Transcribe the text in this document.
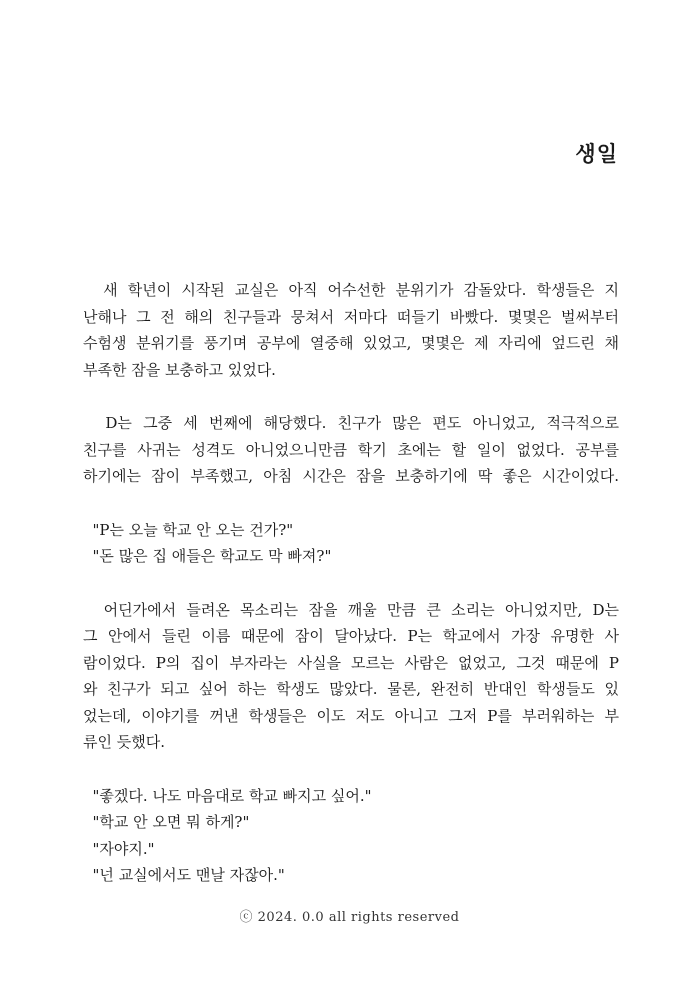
생일
새 학년이 시작된 교실은 아직 어수선한 분위기가 감돌았다. 학생들은 지
난해나 그 전 해의 친구들과 뭉쳐서 저마다 떠들기 바빴다. 몇몇은 벌써부터
수험생 분위기를 풍기며 공부에 열중해 있었고, 몇몇은 제 자리에 엎드린 채
부족한 잠을 보충하고 있었다.
D는 그중 세 번째에 해당했다. 친구가 많은 편도 아니었고, 적극적으로
친구를 사귀는 성격도 아니었으니만큼 학기 초에는 할 일이 없었다. 공부를
하기에는 잠이 부족했고, 아침 시간은 잠을 보충하기에 딱 좋은 시간이었다.
"P는 오늘 학교 안 오는 건가?"
"돈 많은 집 애들은 학교도 막 빠져?"
어딘가에서 들려온 목소리는 잠을 깨울 만큼 큰 소리는 아니었지만, D는
그 안에서 들린 이름 때문에 잠이 달아났다. P는 학교에서 가장 유명한 사
람이었다. P의 집이 부자라는 사실을 모르는 사람은 없었고, 그것 때문에 P
와 친구가 되고 싶어 하는 학생도 많았다. 물론, 완전히 반대인 학생들도 있
었는데, 이야기를 꺼낸 학생들은 이도 저도 아니고 그저 P를 부러워하는 부
류인 듯했다.
"좋겠다. 나도 마음대로 학교 빠지고 싶어."
"학교 안 오면 뭐 하게?"
"자야지."
"넌 교실에서도 맨날 자잖아."
ⓒ 2024. 0.0 all rights reserved
